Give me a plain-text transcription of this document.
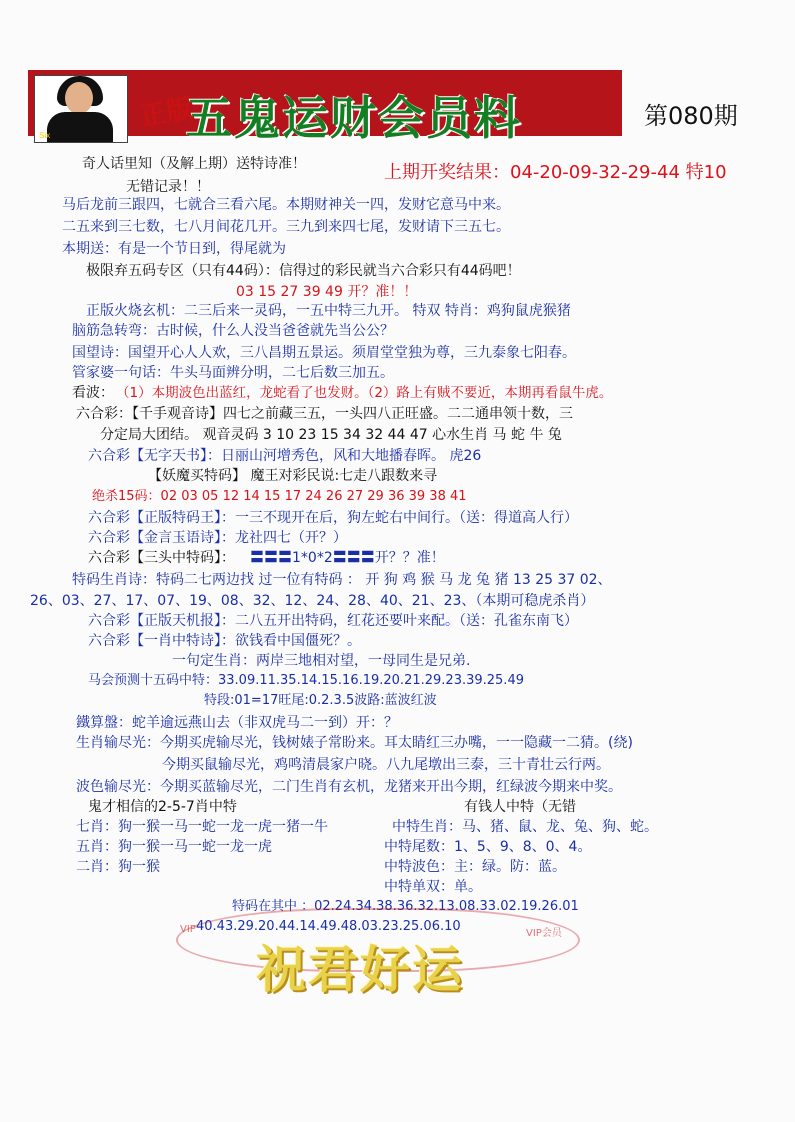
Six
正版
五鬼运财会员料	第080期
奇人话里知（及解上期）送特诗准！	上期开奖结果：04-20-09-32-29-44 特10
无错记录！！
马后龙前三跟四，七就合三看六尾。本期财神关一四，发财它意马中来。
二五来到三七数，七八月间花几开。三九到来四七尾，发财请下三五七。
本期送：有是一个节日到，得尾就为
极限弃五码专区（只有44码）：信得过的彩民就当六合彩只有44码吧！
03 15 27 39 49 开？准！！
正版火烧玄机：二三后来一灵码，一五中特三九开。 特双 特肖：鸡狗鼠虎猴猪
脑筋急转弯：古时候，什么人没当爸爸就先当公公？
国望诗：国望开心人人欢，三八昌期五景运。须眉堂堂独为尊，三九泰象七阳春。
管家婆一句话：牛头马面辨分明，二七后数三加五。
看波： （1）本期波色出蓝红，龙蛇看了也发财。（2）路上有贼不要近，本期再看鼠牛虎。
六合彩：【千手观音诗】四七之前藏三五，一头四八正旺盛。二二通串领十数，三
分定局大团结。 观音灵码 3 10 23 15 34 32 44 47 心水生肖 马 蛇 牛 兔
六合彩【无字天书】：日丽山河增秀色，风和大地播春晖。 虎26
【妖魔买特码】 魔王对彩民说:七走八跟数来寻
绝杀15码：02 03 05 12 14 15 17 24 26 27 29 36 39 38 41
六合彩【正版特码王】：一三不现开在后，狗左蛇右中间行。（送：得道高人行）
六合彩【金言玉语诗】：龙社四七（开？）
六合彩【三头中特码】： 〓〓〓1*0*2〓〓〓开？？准！
特码生肖诗：特码二七两边找 过一位有特码 ： 开 狗 鸡 猴 马 龙 兔 猪 13 25 37 02、
26、03、27、17、07、19、08、32、12、24、28、40、21、23、（本期可稳虎杀肖）
六合彩【正版天机报】：二八五开出特码，红花还要叶来配。（送：孔雀东南飞）
六合彩【一肖中特诗】：欲钱看中国僵死？。
一句定生肖：两岸三地相对望，一母同生是兄弟.
马会预测十五码中特：33.09.11.35.14.15.16.19.20.21.29.23.39.25.49
特段:01=17旺尾:0.2.3.5波路:蓝波红波
鐵算盤：蛇羊逾远燕山去（非双虎马二一到）开：？
生肖输尽光：今期买虎输尽光，钱树婊子常盼来。耳太睛红三办嘴，一一隐藏一二猜。(绕)
今期买鼠输尽光，鸡鸣清晨家户晓。八九尾墩出三泰，三十青壮云行两。
波色输尽光：今期买蓝输尽光，二门生肖有玄机，龙猪来开出今期，红绿波今期来中奖。
鬼才相信的2-5-7肖中特	有钱人中特（无错
七肖：狗一猴一马一蛇一龙一虎一猪一牛	中特生肖：马、猪、鼠、龙、兔、狗、蛇。
五肖：狗一猴一马一蛇一龙一虎	中特尾数：1、5、9、8、0、4。
二肖：狗一猴	中特波色：主：绿。防：蓝。
中特单双：单。
特码在其中 ：02.24.34.38.36.32.13.08.33.02.19.26.01
VIP	VIP会员
40.43.29.20.44.14.49.48.03.23.25.06.10
祝君好运
